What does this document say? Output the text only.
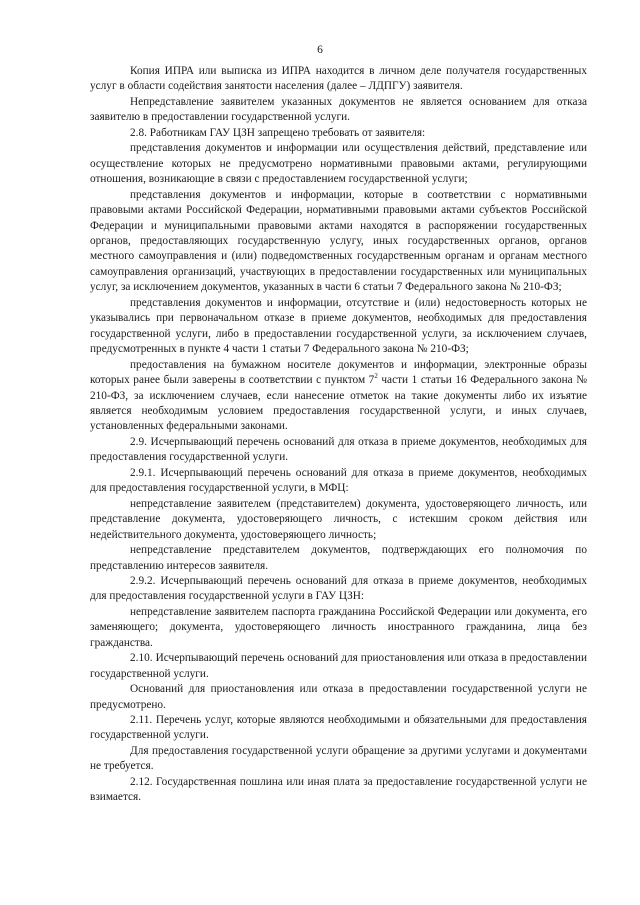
6

Копия ИПРА или выписка из ИПРА находится в личном деле получателя государственных услуг в области содействия занятости населения (далее – ЛДПГУ) заявителя.

Непредставление заявителем указанных документов не является основанием для отказа заявителю в предоставлении государственной услуги.

2.8. Работникам ГАУ ЦЗН запрещено требовать от заявителя:

представления документов и информации или осуществления действий, представление или осуществление которых не предусмотрено нормативными правовыми актами, регулирующими отношения, возникающие в связи с предоставлением государственной услуги;

представления документов и информации, которые в соответствии с нормативными правовыми актами Российской Федерации, нормативными правовыми актами субъектов Российской Федерации и муниципальными правовыми актами находятся в распоряжении государственных органов, предоставляющих государственную услугу, иных государственных органов, органов местного самоуправления и (или) подведомственных государственным органам и органам местного самоуправления организаций, участвующих в предоставлении государственных или муниципальных услуг, за исключением документов, указанных в части 6 статьи 7 Федерального закона № 210-ФЗ;

представления документов и информации, отсутствие и (или) недостоверность которых не указывались при первоначальном отказе в приеме документов, необходимых для предоставления государственной услуги, либо в предоставлении государственной услуги, за исключением случаев, предусмотренных в пункте 4 части 1 статьи 7 Федерального закона № 210-ФЗ;

предоставления на бумажном носителе документов и информации, электронные образы которых ранее были заверены в соответствии с пунктом $7^2$ части 1 статьи 16 Федерального закона № 210-ФЗ, за исключением случаев, если нанесение отметок на такие документы либо их изъятие является необходимым условием предоставления государственной услуги, и иных случаев, установленных федеральными законами.

2.9. Исчерпывающий перечень оснований для отказа в приеме документов, необходимых для предоставления государственной услуги.

2.9.1. Исчерпывающий перечень оснований для отказа в приеме документов, необходимых для предоставления государственной услуги, в МФЦ:

непредставление заявителем (представителем) документа, удостоверяющего личность, или представление документа, удостоверяющего личность, с истекшим сроком действия или недействительного документа, удостоверяющего личность;

непредставление представителем документов, подтверждающих его полномочия по представлению интересов заявителя.

2.9.2. Исчерпывающий перечень оснований для отказа в приеме документов, необходимых для предоставления государственной услуги в ГАУ ЦЗН:

непредставление заявителем паспорта гражданина Российской Федерации или документа, его заменяющего; документа, удостоверяющего личность иностранного гражданина, лица без гражданства.

2.10. Исчерпывающий перечень оснований для приостановления или отказа в предоставлении государственной услуги.

Оснований для приостановления или отказа в предоставлении государственной услуги не предусмотрено.

2.11. Перечень услуг, которые являются необходимыми и обязательными для предоставления государственной услуги.

Для предоставления государственной услуги обращение за другими услугами и документами не требуется.

2.12. Государственная пошлина или иная плата за предоставление государственной услуги не взимается.
